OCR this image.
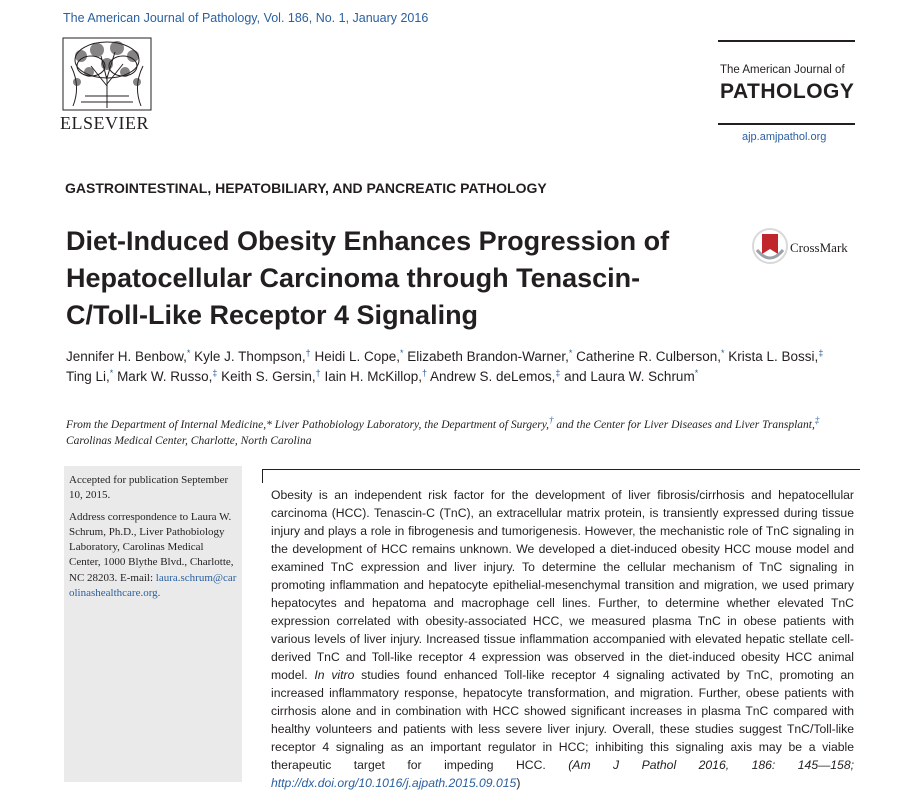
The American Journal of Pathology, Vol. 186, No. 1, January 2016
ELSEVIER
The American Journal of
PATHOLOGY
ajp.amjpathol.org
GASTROINTESTINAL, HEPATOBILIARY, AND PANCREATIC PATHOLOGY
Diet-Induced Obesity Enhances Progression of Hepatocellular Carcinoma through Tenascin-C/Toll-Like Receptor 4 Signaling
CrossMark
Jennifer H. Benbow,* Kyle J. Thompson,† Heidi L. Cope,* Elizabeth Brandon-Warner,* Catherine R. Culberson,* Krista L. Bossi,‡
Ting Li,* Mark W. Russo,‡ Keith S. Gersin,† Iain H. McKillop,† Andrew S. deLemos,‡ and Laura W. Schrum*
From the Department of Internal Medicine,* Liver Pathobiology Laboratory, the Department of Surgery,† and the Center for Liver Diseases and Liver Transplant,‡ Carolinas Medical Center, Charlotte, North Carolina
Accepted for publication September 10, 2015.
Address correspondence to Laura W. Schrum, Ph.D., Liver Pathobiology Laboratory, Carolinas Medical Center, 1000 Blythe Blvd., Charlotte, NC 28203. E-mail: laura.schrum@carolinashealthcare.org.
Obesity is an independent risk factor for the development of liver fibrosis/cirrhosis and hepatocellular carcinoma (HCC). Tenascin-C (TnC), an extracellular matrix protein, is transiently expressed during tissue injury and plays a role in fibrogenesis and tumorigenesis. However, the mechanistic role of TnC signaling in the development of HCC remains unknown. We developed a diet-induced obesity HCC mouse model and examined TnC expression and liver injury. To determine the cellular mechanism of TnC signaling in promoting inflammation and hepatocyte epithelial-mesenchymal transition and migration, we used primary hepatocytes and hepatoma and macrophage cell lines. Further, to determine whether elevated TnC expression correlated with obesity-associated HCC, we measured plasma TnC in obese patients with various levels of liver injury. Increased tissue inflammation accompanied with elevated hepatic stellate cell-derived TnC and Toll-like receptor 4 expression was observed in the diet-induced obesity HCC animal model. In vitro studies found enhanced Toll-like receptor 4 signaling activated by TnC, promoting an increased inflammatory response, hepatocyte transformation, and migration. Further, obese patients with cirrhosis alone and in combination with HCC showed significant increases in plasma TnC compared with healthy volunteers and patients with less severe liver injury. Overall, these studies suggest TnC/Toll-like receptor 4 signaling as an important regulator in HCC; inhibiting this signaling axis may be a viable therapeutic target for impeding HCC. (Am J Pathol 2016, 186: 145—158; http://dx.doi.org/10.1016/j.ajpath.2015.09.015)
